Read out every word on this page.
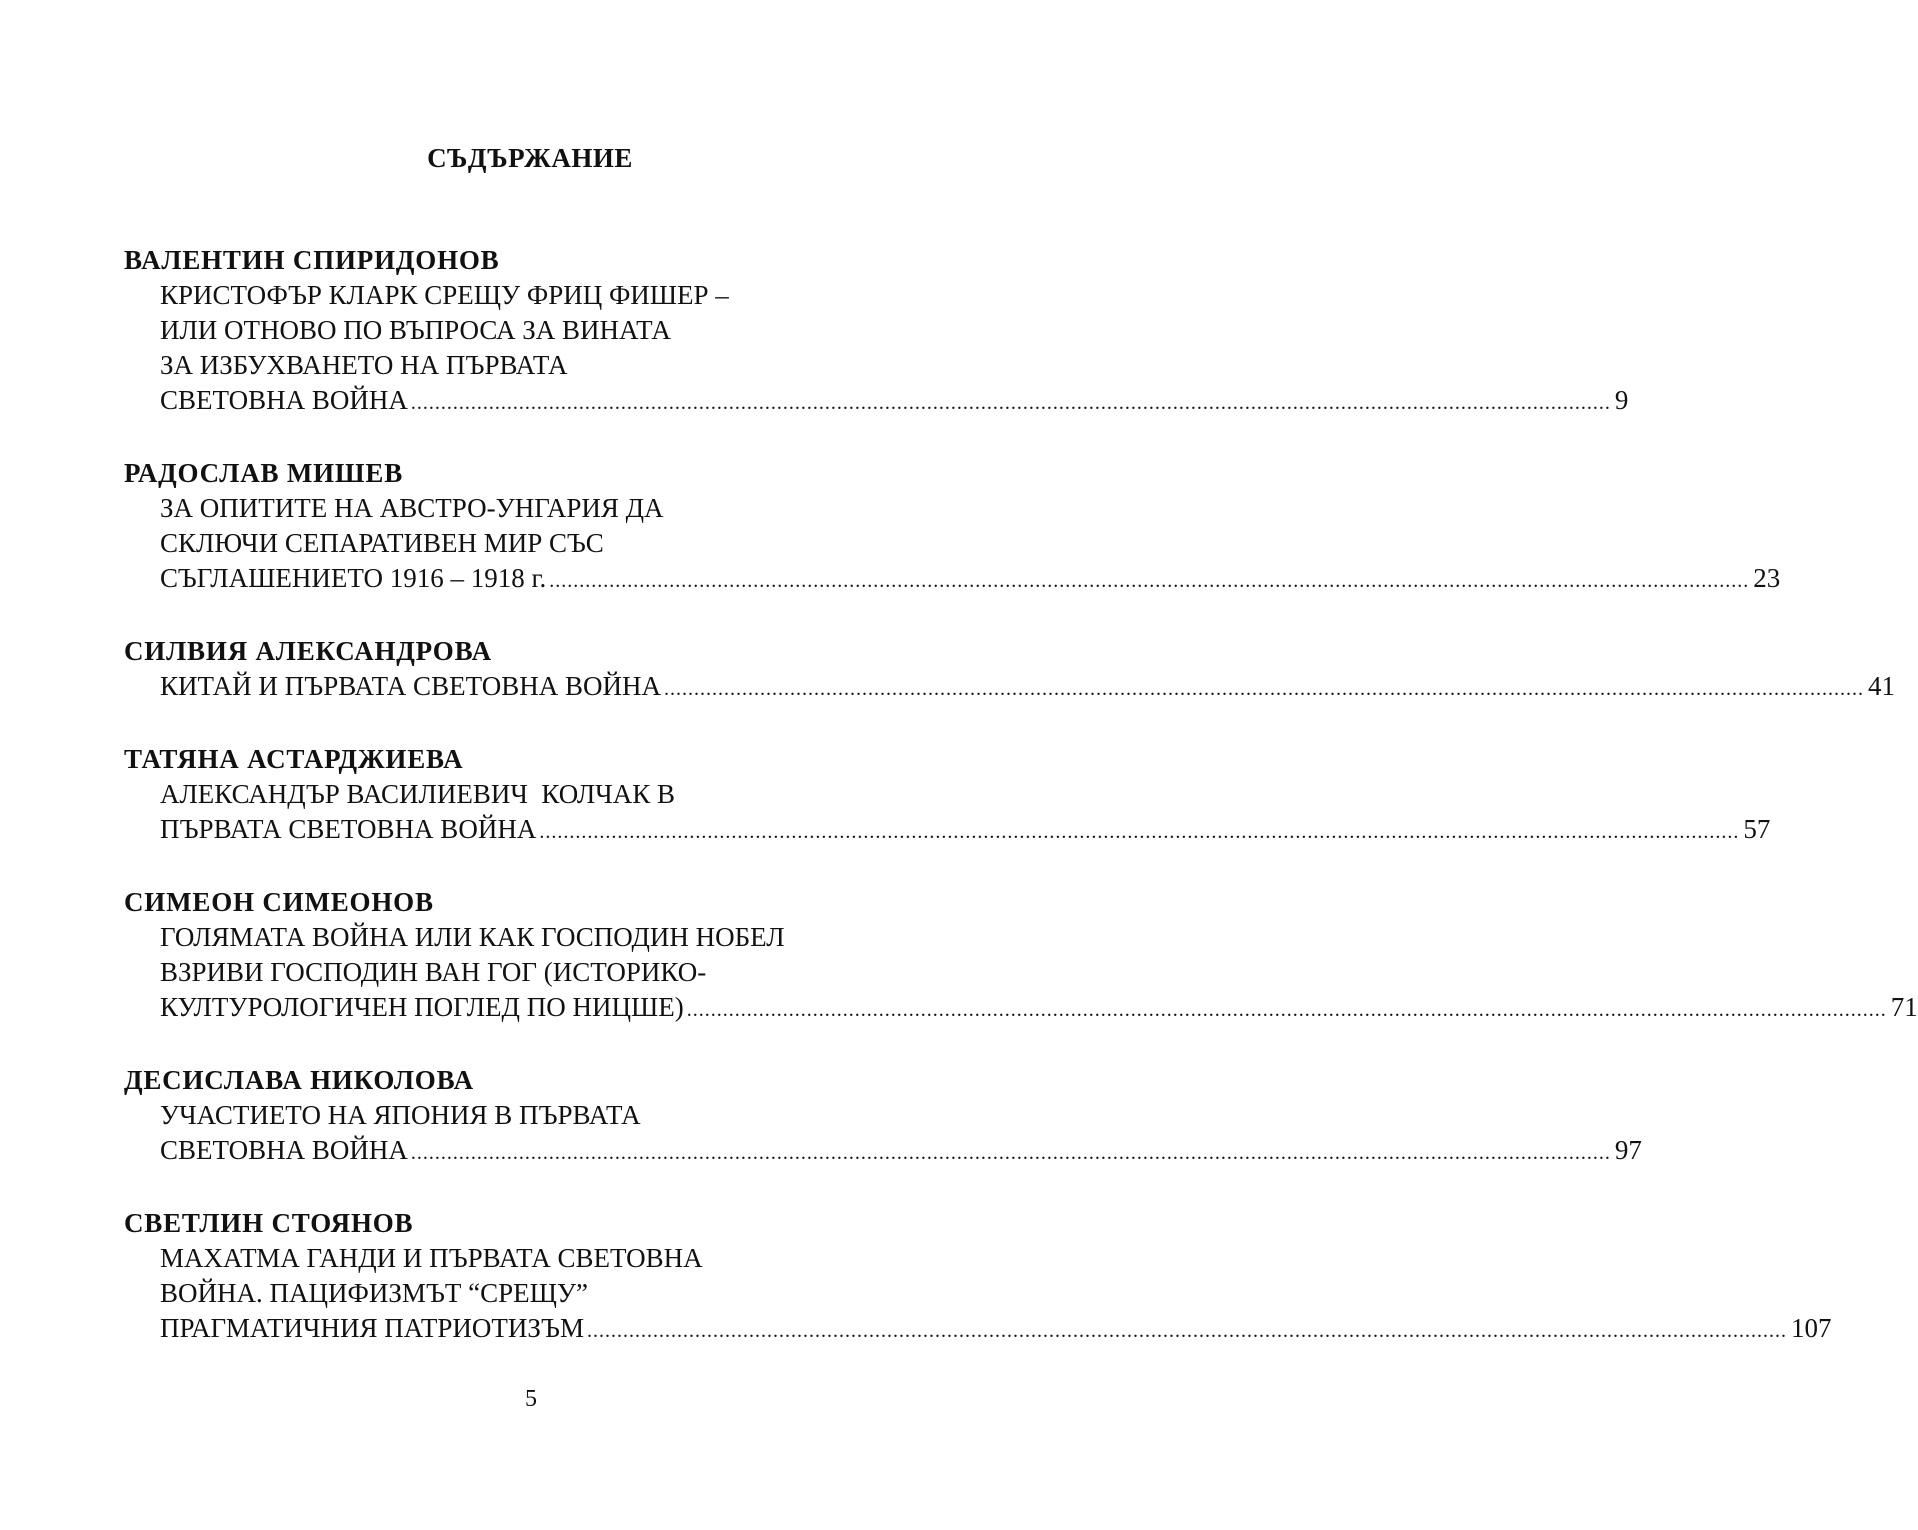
СЪДЪРЖАНИЕ
ВАЛЕНТИН СПИРИДОНОВ
КРИСТОФЪР КЛАРК СРЕЩУ ФРИЦ ФИШЕР –
ИЛИ ОТНОВО ПО ВЪПРОСА ЗА ВИНАТА
ЗА ИЗБУХВАНЕТО НА ПЪРВАТА
СВЕТОВНА ВОЙНА ........................................................................................................................................................................................................ 9
РАДОСЛАВ МИШЕВ
ЗА ОПИТИТЕ НА АВСТРО-УНГАРИЯ ДА
СКЛЮЧИ СЕПАРАТИВЕН МИР СЪС
СЪГЛАШЕНИЕТО 1916 – 1918 г. ........................................................................................................................................................................................................ 23
СИЛВИЯ АЛЕКСАНДРОВА
КИТАЙ И ПЪРВАТА СВЕТОВНА ВОЙНА ........................................................................................................................................................................................................ 41
ТАТЯНА АСТАРДЖИЕВА
АЛЕКСАНДЪР ВАСИЛИЕВИЧ  КОЛЧАК В
ПЪРВАТА СВЕТОВНА ВОЙНА ........................................................................................................................................................................................................ 57
СИМЕОН СИМЕОНОВ
ГОЛЯМАТА ВОЙНА ИЛИ КАК ГОСПОДИН НОБЕЛ
ВЗРИВИ ГОСПОДИН ВАН ГОГ (ИСТОРИКО-
КУЛТУРОЛОГИЧЕН ПОГЛЕД ПО НИЦШЕ) ........................................................................................................................................................................................................ 71
ДЕСИСЛАВА НИКОЛОВА
УЧАСТИЕТО НА ЯПОНИЯ В ПЪРВАТА
СВЕТОВНА ВОЙНА ........................................................................................................................................................................................................ 97
СВЕТЛИН СТОЯНОВ
МАХАТМА ГАНДИ И ПЪРВАТА СВЕТОВНА
ВОЙНА. ПАЦИФИЗМЪТ “СРЕЩУ”
ПРАГМАТИЧНИЯ ПАТРИОТИЗЪМ ........................................................................................................................................................................................................ 107
5
